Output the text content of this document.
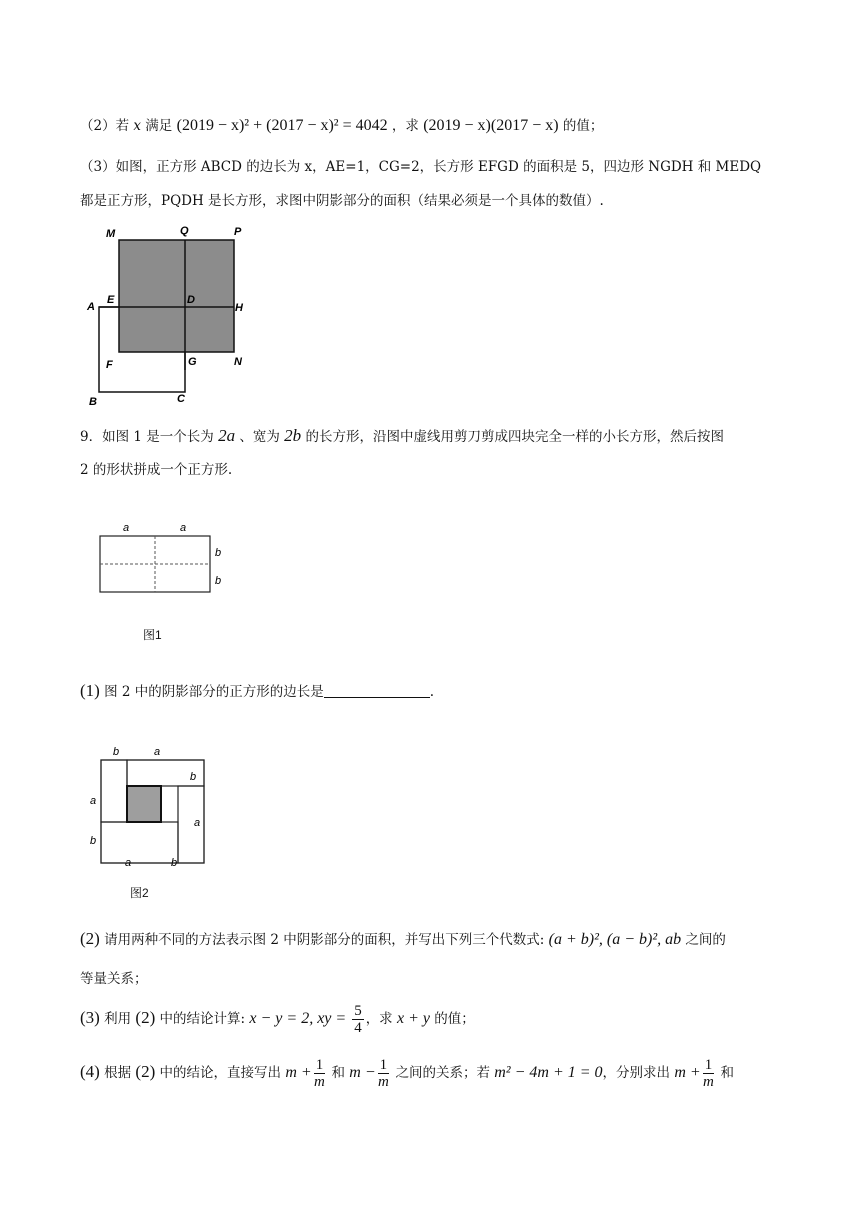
（2）若 x 满足 (2019 − x)² + (2017 − x)² = 4042 ，求 (2019 − x)(2017 − x) 的值；
（3）如图，正方形 ABCD 的边长为 x，AE=1，CG=2，长方形 EFGD 的面积是 5，四边形 NGDH 和 MEDQ
都是正方形，PQDH 是长方形，求图中阴影部分的面积（结果必须是一个具体的数值）.
M	Q	P
A
E	D
H
F	G	N
B	C
9．如图 1 是一个长为 2a 、宽为 2b 的长方形，沿图中虚线用剪刀剪成四块完全一样的小长方形，然后按图
2 的形状拼成一个正方形.
a	a
b
b
图1
(1) 图 2 中的阴影部分的正方形的边长是	.
b	a
b
a
a
b
a	b
图2
(2) 请用两种不同的方法表示图 2 中阴影部分的面积，并写出下列三个代数式: (a + b)², (a − b)², ab 之间的
等量关系；
(3) 利用 (2) 中的结论计算: x − y = 2, xy = $\frac{5}{4}$ ，求 x + y 的值；
(4) 根据 (2) 中的结论，直接写出 $m + \frac{1}{m}$ 和 $m - \frac{1}{m}$ 之间的关系；若 m² − 4m + 1 = 0，分别求出 $m + \frac{1}{m}$ 和
